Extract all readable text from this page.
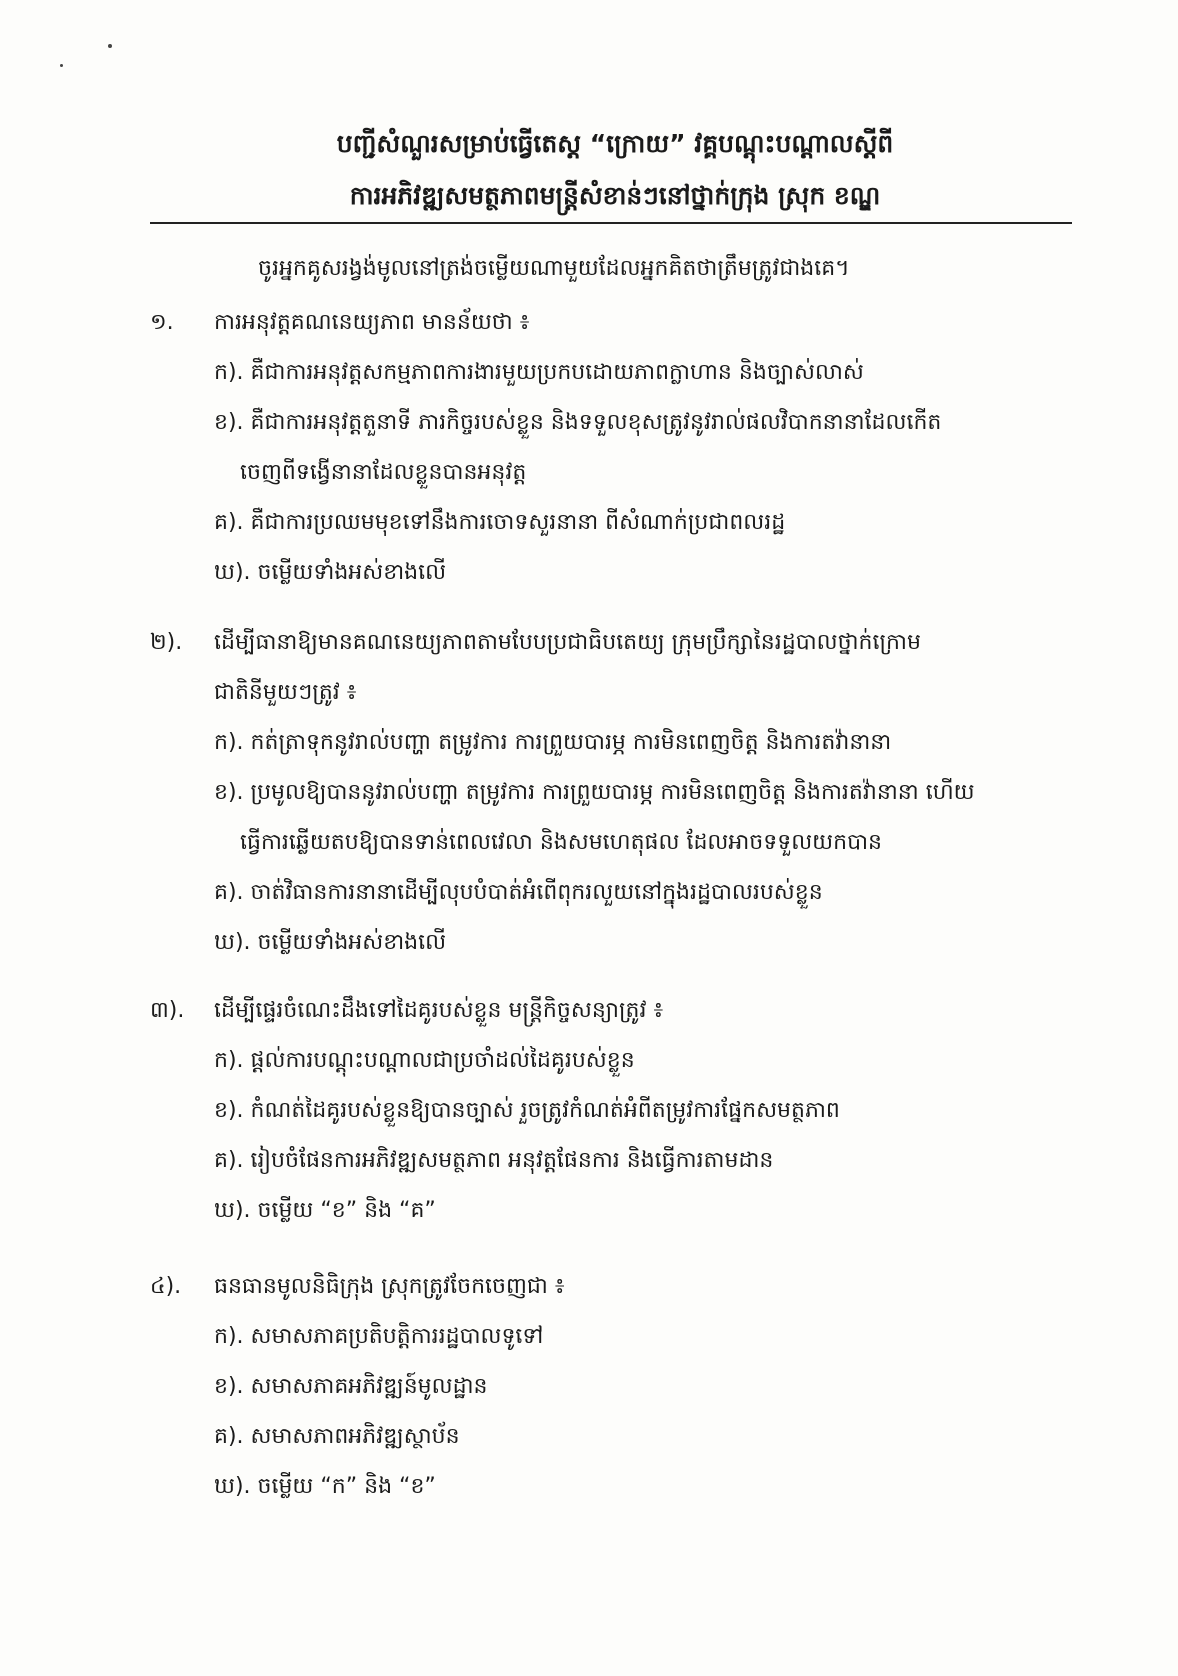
បញ្ជីសំណួរសម្រាប់ធ្វើតេស្ត “ក្រោយ” វគ្គបណ្តុះបណ្តាលស្តីពី
ការអភិវឌ្ឍសមត្ថភាពមន្ត្រីសំខាន់ៗនៅថ្នាក់ក្រុង ស្រុក ខណ្ឌ
ចូរអ្នកគូសរង្វង់មូលនៅត្រង់ចម្លើយណាមួយដែលអ្នកគិតថាត្រឹមត្រូវជាងគេ។
១.	ការអនុវត្តគណនេយ្យភាព មានន័យថា ៖
ក). គឺជាការអនុវត្តសកម្មភាពការងារមួយប្រកបដោយភាពក្លាហាន និងច្បាស់លាស់
ខ). គឺជាការអនុវត្តតួនាទី ភារកិច្ចរបស់ខ្លួន និងទទួលខុសត្រូវនូវរាល់ផលវិបាកនានាដែលកើត
ចេញពីទង្វើនានាដែលខ្លួនបានអនុវត្ត
គ). គឺជាការប្រឈមមុខទៅនឹងការចោទសួរនានា ពីសំណាក់ប្រជាពលរដ្ឋ
ឃ). ចម្លើយទាំងអស់ខាងលើ
២).	ដើម្បីធានាឱ្យមានគណនេយ្យភាពតាមបែបប្រជាធិបតេយ្យ ក្រុមប្រឹក្សានៃរដ្ឋបាលថ្នាក់ក្រោម
ជាតិនីមួយៗត្រូវ ៖
ក). កត់ត្រាទុកនូវរាល់បញ្ហា តម្រូវការ ការព្រួយបារម្ភ ការមិនពេញចិត្ត និងការតវ៉ានានា
ខ). ប្រមូលឱ្យបាននូវរាល់បញ្ហា តម្រូវការ ការព្រួយបារម្ភ ការមិនពេញចិត្ត និងការតវ៉ានានា ហើយ
ធ្វើការឆ្លើយតបឱ្យបានទាន់ពេលវេលា និងសមហេតុផល ដែលអាចទទួលយកបាន
គ). ចាត់វិធានការនានាដើម្បីលុបបំបាត់អំពើពុករលួយនៅក្នុងរដ្ឋបាលរបស់ខ្លួន
ឃ). ចម្លើយទាំងអស់ខាងលើ
៣).	ដើម្បីផ្ទេរចំណេះដឹងទៅដៃគូរបស់ខ្លួន មន្ត្រីកិច្ចសន្យាត្រូវ ៖
ក). ផ្តល់ការបណ្តុះបណ្តាលជាប្រចាំដល់ដៃគូរបស់ខ្លួន
ខ). កំណត់ដៃគូរបស់ខ្លួនឱ្យបានច្បាស់ រួចត្រូវកំណត់អំពីតម្រូវការផ្នែកសមត្ថភាព
គ). រៀបចំផែនការអភិវឌ្ឍសមត្ថភាព អនុវត្តផែនការ និងធ្វើការតាមដាន
ឃ). ចម្លើយ “ខ” និង “គ”
៤).	ធនធានមូលនិធិក្រុង ស្រុកត្រូវចែកចេញជា ៖
ក). សមាសភាគប្រតិបត្តិការរដ្ឋបាលទូទៅ
ខ). សមាសភាគអភិវឌ្ឍន៍មូលដ្ឋាន
គ). សមាសភាពអភិវឌ្ឍស្ថាប័ន
ឃ). ចម្លើយ “ក” និង “ខ”
